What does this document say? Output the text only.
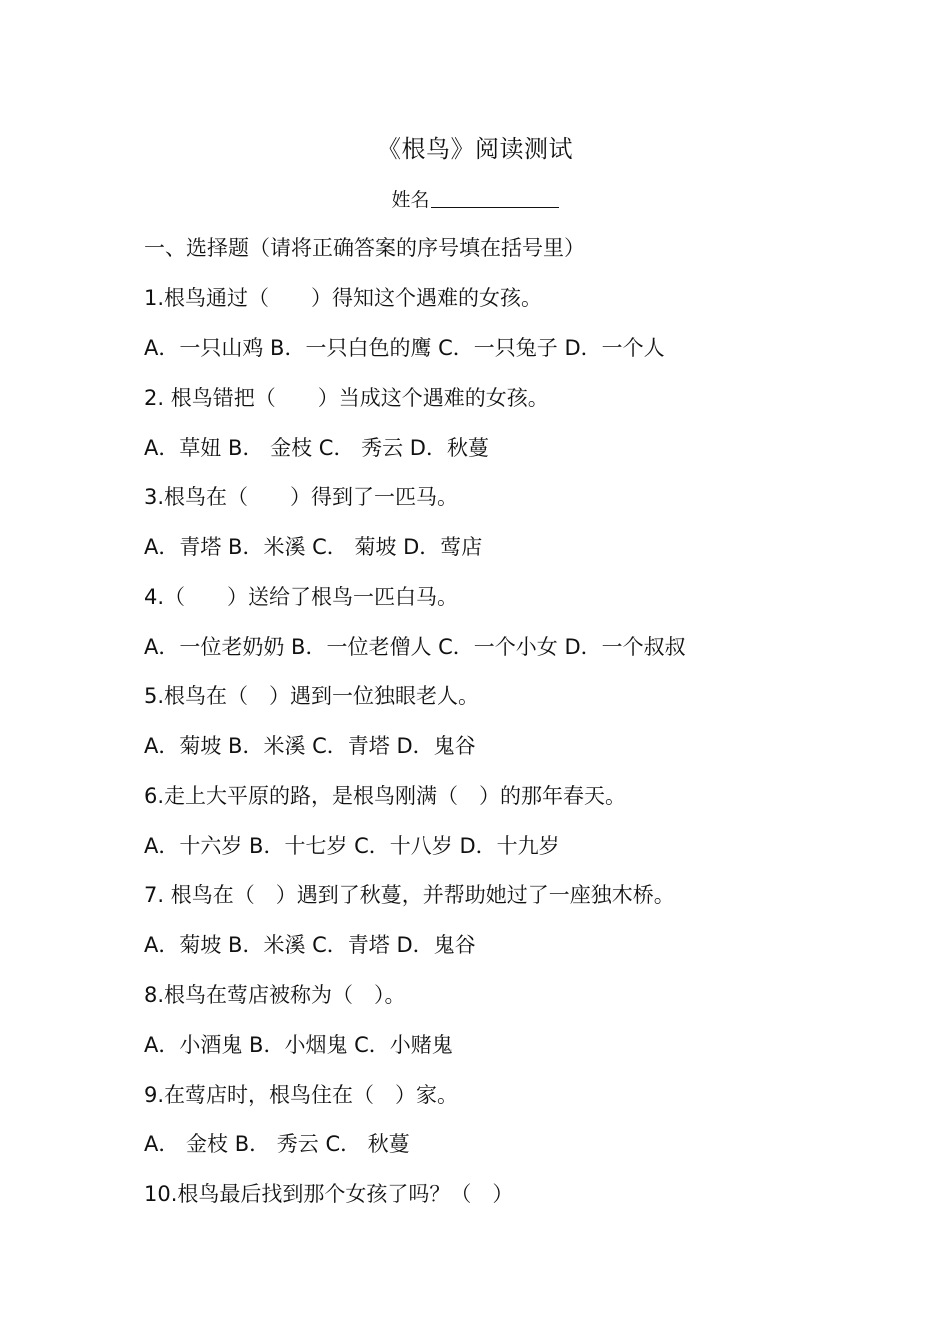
《根鸟》阅读测试
姓名
一、选择题（请将正确答案的序号填在括号里）
1.根鸟通过（　　）得知这个遇难的女孩。
A．一只山鸡 B．一只白色的鹰 C．一只兔子 D．一个人
2. 根鸟错把（　　）当成这个遇难的女孩。
A．草妞 B． 金枝 C． 秀云 D．秋蔓
3.根鸟在（　　）得到了一匹马。
A．青塔 B．米溪 C． 菊坡 D．莺店
4.（　　）送给了根鸟一匹白马。
A．一位老奶奶 B．一位老僧人 C．一个小女 D．一个叔叔
5.根鸟在（　）遇到一位独眼老人。
A．菊坡 B．米溪 C．青塔 D．鬼谷
6.走上大平原的路，是根鸟刚满（　）的那年春天。
A．十六岁 B．十七岁 C．十八岁 D．十九岁
7. 根鸟在（　）遇到了秋蔓，并帮助她过了一座独木桥。
A．菊坡 B．米溪 C．青塔 D．鬼谷
8.根鸟在莺店被称为（　）。
A．小酒鬼 B．小烟鬼 C．小赌鬼
9.在莺店时，根鸟住在（　）家。
A． 金枝 B． 秀云 C． 秋蔓
10.根鸟最后找到那个女孩了吗？（　）
